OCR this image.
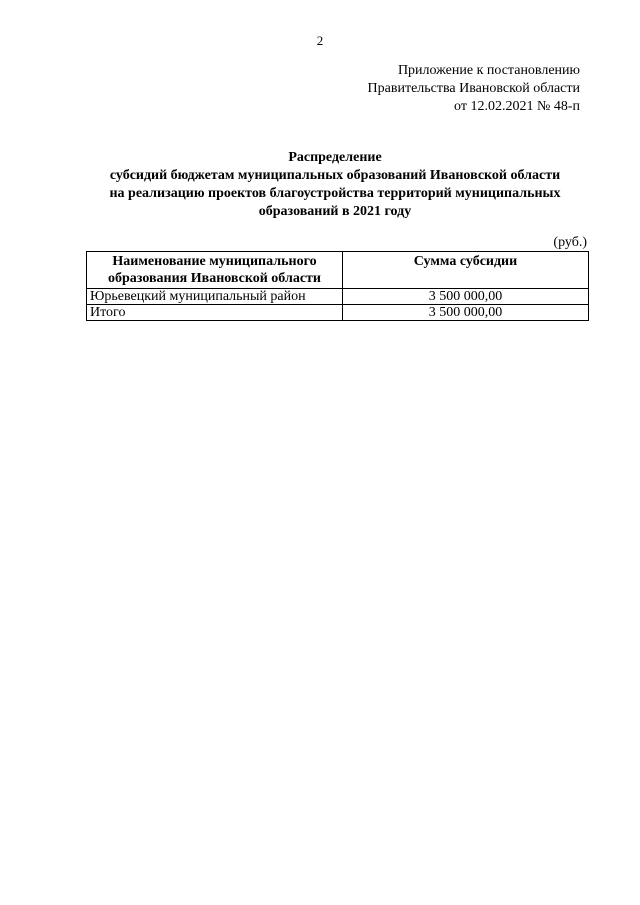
2
Приложение к постановлению
Правительства Ивановской области
от 12.02.2021 № 48-п
Распределение
субсидий бюджетам муниципальных образований Ивановской области
на реализацию проектов благоустройства территорий муниципальных
образований в 2021 году
(руб.)
Наименование муниципального
образования Ивановской области	Сумма субсидии
Юрьевецкий муниципальный район	3 500 000,00
Итого	3 500 000,00
